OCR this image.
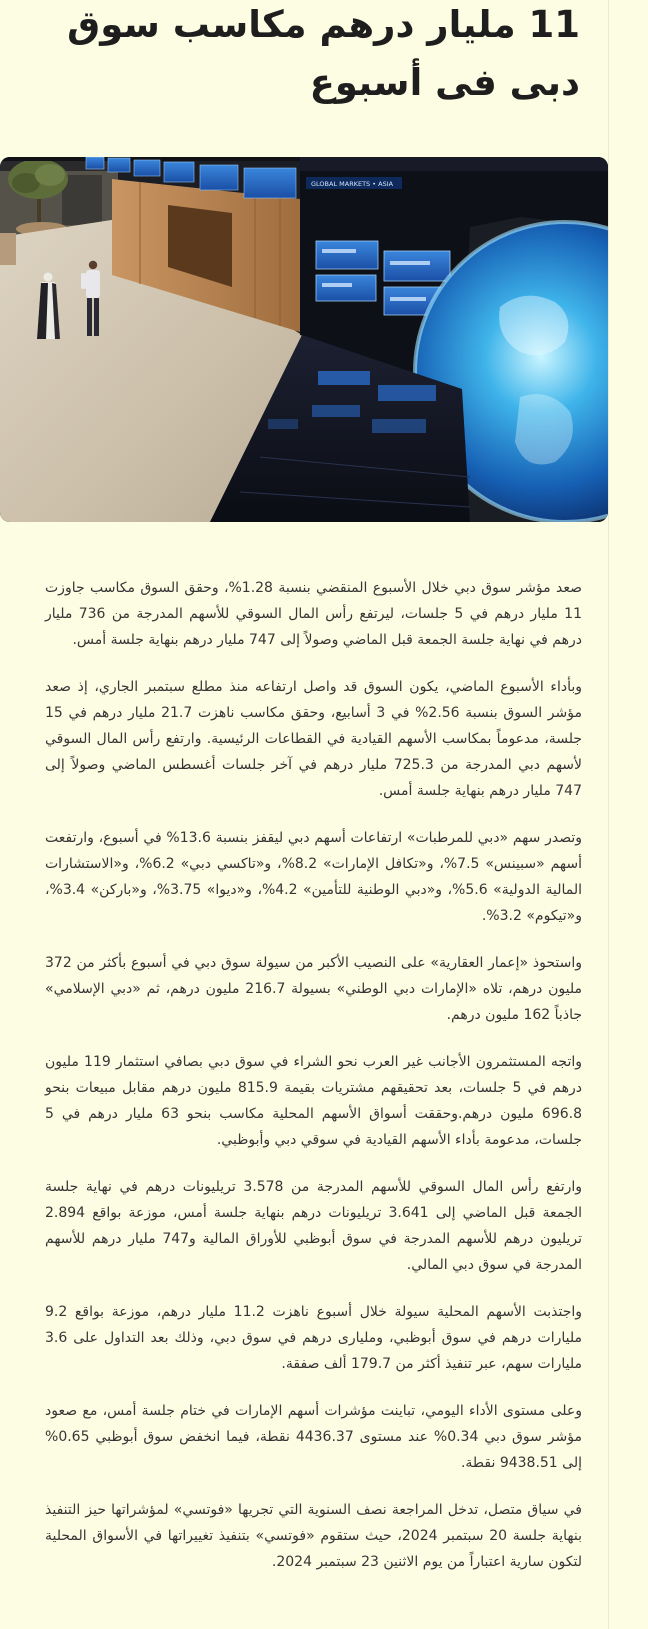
11 مليار درهم مكاسب سوق
دبى فى أسبوع
GLOBAL MARKETS • ASIA

صعد مؤشر سوق دبي خلال الأسبوع المنقضي بنسبة 1.28%، وحقق السوق مكاسب جاوزت 11 مليار درهم في 5 جلسات، ليرتفع رأس المال السوقي للأسهم المدرجة من 736 مليار درهم في نهاية جلسة الجمعة قبل الماضي وصولاً إلى 747 مليار درهم بنهاية جلسة أمس.

وبأداء الأسبوع الماضي، يكون السوق قد واصل ارتفاعه منذ مطلع سبتمبر الجاري، إذ صعد مؤشر السوق بنسبة 2.56% في 3 أسابيع، وحقق مكاسب ناهزت 21.7 مليار درهم في 15 جلسة، مدعوماً بمكاسب الأسهم القيادية في القطاعات الرئيسية. وارتفع رأس المال السوقي لأسهم دبي المدرجة من 725.3 مليار درهم في آخر جلسات أغسطس الماضي وصولاً إلى 747 مليار درهم بنهاية جلسة أمس.

وتصدر سهم «دبي للمرطبات» ارتفاعات أسهم دبي ليقفز بنسبة 13.6% في أسبوع، وارتفعت أسهم «سبينس» 7.5%، و«تكافل الإمارات» 8.2%، و«تاكسي دبي» 6.2%، و«الاستشارات المالية الدولية» 5.6%، و«دبي الوطنية للتأمين» 4.2%، و«ديوا» 3.75%، و«باركن» 3.4%، و«تيكوم» 3.2%.

واستحوذ «إعمار العقارية» على النصيب الأكبر من سيولة سوق دبي في أسبوع بأكثر من 372 مليون درهم، تلاه «الإمارات دبي الوطني» بسيولة 216.7 مليون درهم، ثم «دبي الإسلامي» جاذباً 162 مليون درهم.

واتجه المستثمرون الأجانب غير العرب نحو الشراء في سوق دبي بصافي استثمار 119 مليون درهم في 5 جلسات، بعد تحقيقهم مشتريات بقيمة 815.9 مليون درهم مقابل مبيعات بنحو 696.8 مليون درهم.وحققت أسواق الأسهم المحلية مكاسب بنحو 63 مليار درهم في 5 جلسات، مدعومة بأداء الأسهم القيادية في سوقي دبي وأبوظبي.

وارتفع رأس المال السوقي للأسهم المدرجة من 3.578 تريليونات درهم في نهاية جلسة الجمعة قبل الماضي إلى 3.641 تريليونات درهم بنهاية جلسة أمس، موزعة بواقع 2.894 تريليون درهم للأسهم المدرجة في سوق أبوظبي للأوراق المالية و747 مليار درهم للأسهم المدرجة في سوق دبي المالي.

واجتذبت الأسهم المحلية سيولة خلال أسبوع ناهزت 11.2 مليار درهم، موزعة بواقع 9.2 مليارات درهم في سوق أبوظبي، ومليارى درهم في سوق دبي، وذلك بعد التداول على 3.6 مليارات سهم، عبر تنفيذ أكثر من 179.7 ألف صفقة.

وعلى مستوى الأداء اليومي، تباينت مؤشرات أسهم الإمارات في ختام جلسة أمس، مع صعود مؤشر سوق دبي 0.34% عند مستوى 4436.37 نقطة، فيما انخفض سوق أبوظبي 0.65% إلى 9438.51 نقطة.

في سياق متصل، تدخل المراجعة نصف السنوية التي تجريها «فوتسي» لمؤشراتها حيز التنفيذ بنهاية جلسة 20 سبتمبر 2024، حيث ستقوم «فوتسي» بتنفيذ تغييراتها في الأسواق المحلية لتكون سارية اعتباراً من يوم الاثنين 23 سبتمبر 2024.
